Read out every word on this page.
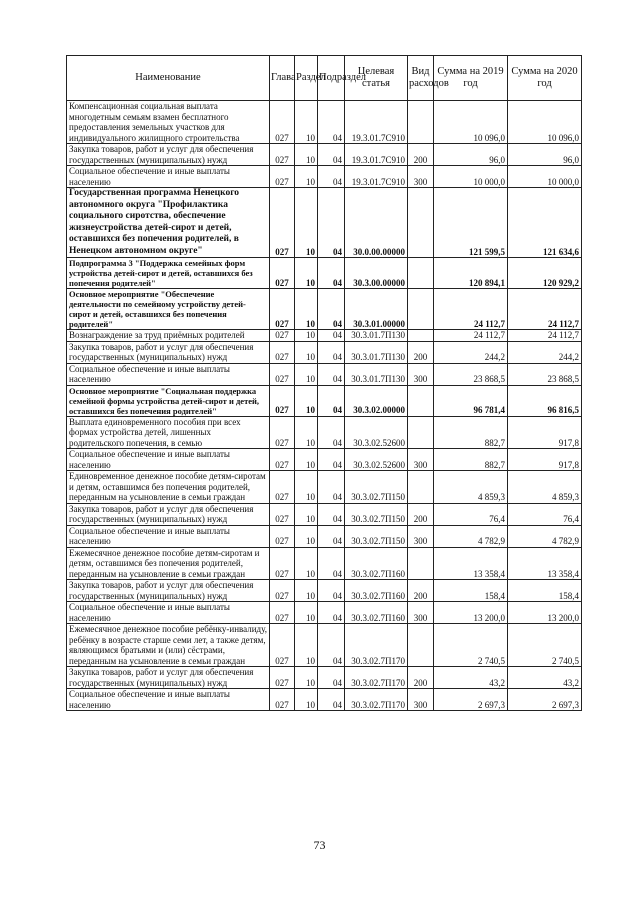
Наименование	Глава	Раздел	Подраздел	Целевая статья	Вид расходов	Сумма на 2019 год	Сумма на 2020 год
Компенсационная социальная выплата многодетным семьям взамен бесплатного предоставления земельных участков для индивидуального жилищного строительства	027	10	04	19.3.01.7С910		10 096,0	10 096,0
Закупка товаров, работ и услуг для обеспечения государственных (муниципальных) нужд	027	10	04	19.3.01.7С910	200	96,0	96,0
Социальное обеспечение и иные выплаты населению	027	10	04	19.3.01.7С910	300	10 000,0	10 000,0
Государственная программа Ненецкого автономного округа "Профилактика социального сиротства, обеспечение жизнеустройства детей-сирот и детей, оставшихся без попечения родителей, в Ненецком автономном округе"	027	10	04	30.0.00.00000		121 599,5	121 634,6
Подпрограмма 3 "Поддержка семейных форм устройства детей-сирот и детей, оставшихся без попечения родителей"	027	10	04	30.3.00.00000		120 894,1	120 929,2
Основное мероприятие "Обеспечение деятельности по семейному устройству детей-сирот и детей, оставшихся без попечения родителей"	027	10	04	30.3.01.00000		24 112,7	24 112,7
Вознаграждение за труд приёмных родителей	027	10	04	30.3.01.7П130		24 112,7	24 112,7
Закупка товаров, работ и услуг для обеспечения государственных (муниципальных) нужд	027	10	04	30.3.01.7П130	200	244,2	244,2
Социальное обеспечение и иные выплаты населению	027	10	04	30.3.01.7П130	300	23 868,5	23 868,5
Основное мероприятие "Социальная поддержка семейной формы устройства детей-сирот и детей, оставшихся без попечения родителей"	027	10	04	30.3.02.00000		96 781,4	96 816,5
Выплата единовременного пособия при всех формах устройства детей, лишенных родительского попечения, в семью	027	10	04	30.3.02.52600		882,7	917,8
Социальное обеспечение и иные выплаты населению	027	10	04	30.3.02.52600	300	882,7	917,8
Единовременное денежное пособие детям-сиротам и детям, оставшимся без попечения родителей, переданным на усыновление в семьи граждан	027	10	04	30.3.02.7П150		4 859,3	4 859,3
Закупка товаров, работ и услуг для обеспечения государственных (муниципальных) нужд	027	10	04	30.3.02.7П150	200	76,4	76,4
Социальное обеспечение и иные выплаты населению	027	10	04	30.3.02.7П150	300	4 782,9	4 782,9
Ежемесячное денежное пособие детям-сиротам и детям, оставшимся без попечения родителей, переданным на усыновление в семьи граждан	027	10	04	30.3.02.7П160		13 358,4	13 358,4
Закупка товаров, работ и услуг для обеспечения государственных (муниципальных) нужд	027	10	04	30.3.02.7П160	200	158,4	158,4
Социальное обеспечение и иные выплаты населению	027	10	04	30.3.02.7П160	300	13 200,0	13 200,0
Ежемесячное денежное пособие ребёнку-инвалиду, ребёнку в возрасте старше семи лет, а также детям, являющимся братьями и (или) сёстрами, переданным на усыновление в семьи граждан	027	10	04	30.3.02.7П170		2 740,5	2 740,5
Закупка товаров, работ и услуг для обеспечения государственных (муниципальных) нужд	027	10	04	30.3.02.7П170	200	43,2	43,2
Социальное обеспечение и иные выплаты населению	027	10	04	30.3.02.7П170	300	2 697,3	2 697,3
73
